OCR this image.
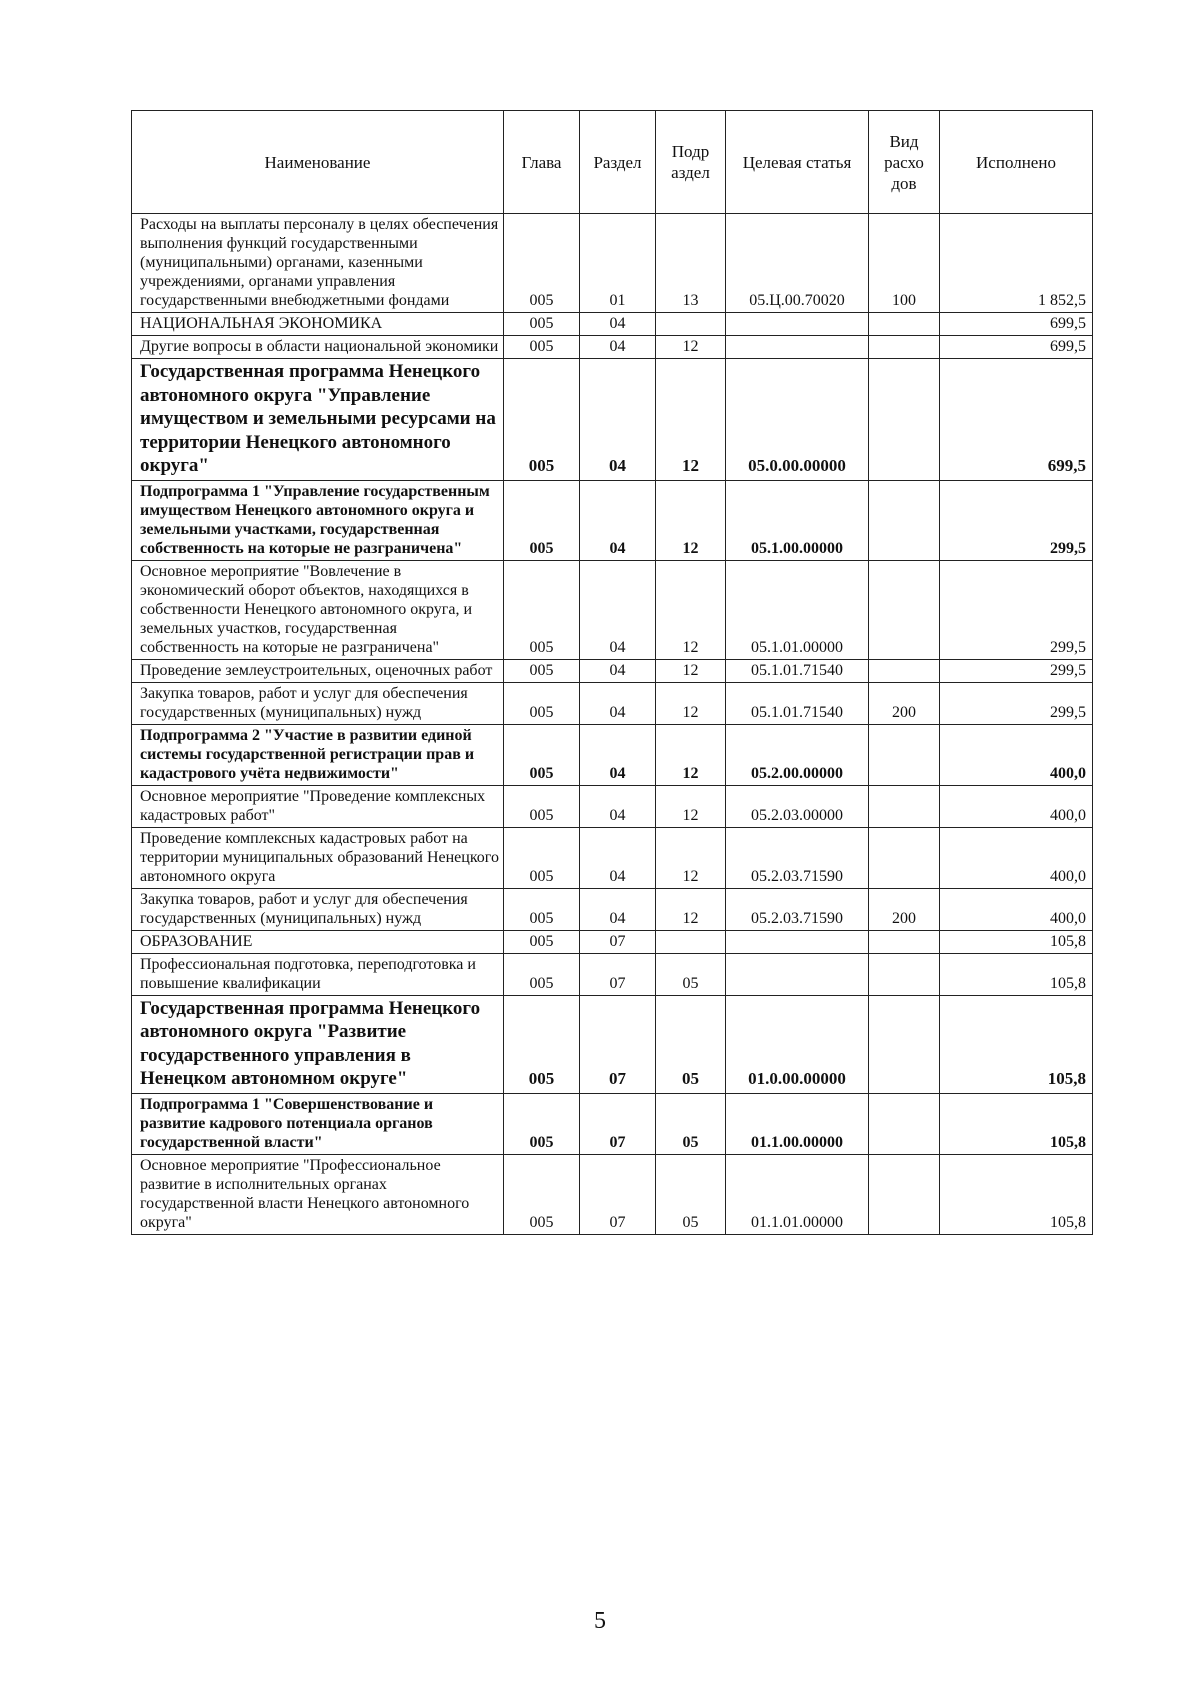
Наименование	Глава	Раздел	Подр аздел	Целевая статья	Вид расхо дов	Исполнено
Расходы на выплаты персоналу в целях обеспечения выполнения функций государственными (муниципальными) органами, казенными учреждениями, органами управления государственными внебюджетными фондами	005	01	13	05.Ц.00.70020	100	1 852,5
НАЦИОНАЛЬНАЯ ЭКОНОМИКА	005	04				699,5
Другие вопросы в области национальной экономики	005	04	12			699,5
Государственная программа Ненецкого автономного округа "Управление имуществом и земельными ресурсами на территории Ненецкого автономного округа"	005	04	12	05.0.00.00000		699,5
Подпрограмма 1 "Управление государственным имуществом Ненецкого автономного округа и земельными участками, государственная собственность на которые не разграничена"	005	04	12	05.1.00.00000		299,5
Основное мероприятие "Вовлечение в экономический оборот объектов, находящихся в собственности Ненецкого автономного округа, и земельных участков, государственная собственность на которые не разграничена"	005	04	12	05.1.01.00000		299,5
Проведение землеустроительных, оценочных работ	005	04	12	05.1.01.71540		299,5
Закупка товаров, работ и услуг для обеспечения государственных (муниципальных) нужд	005	04	12	05.1.01.71540	200	299,5
Подпрограмма 2 "Участие в развитии единой системы государственной регистрации прав и кадастрового учёта недвижимости"	005	04	12	05.2.00.00000		400,0
Основное мероприятие "Проведение комплексных кадастровых работ"	005	04	12	05.2.03.00000		400,0
Проведение комплексных кадастровых работ на территории муниципальных образований Ненецкого автономного округа	005	04	12	05.2.03.71590		400,0
Закупка товаров, работ и услуг для обеспечения государственных (муниципальных) нужд	005	04	12	05.2.03.71590	200	400,0
ОБРАЗОВАНИЕ	005	07				105,8
Профессиональная подготовка, переподготовка и повышение квалификации	005	07	05			105,8
Государственная программа Ненецкого автономного округа "Развитие государственного управления в Ненецком автономном округе"	005	07	05	01.0.00.00000		105,8
Подпрограмма 1 "Совершенствование и развитие кадрового потенциала органов государственной власти"	005	07	05	01.1.00.00000		105,8
Основное мероприятие "Профессиональное развитие в исполнительных органах государственной власти Ненецкого автономного округа"	005	07	05	01.1.01.00000		105,8
5
